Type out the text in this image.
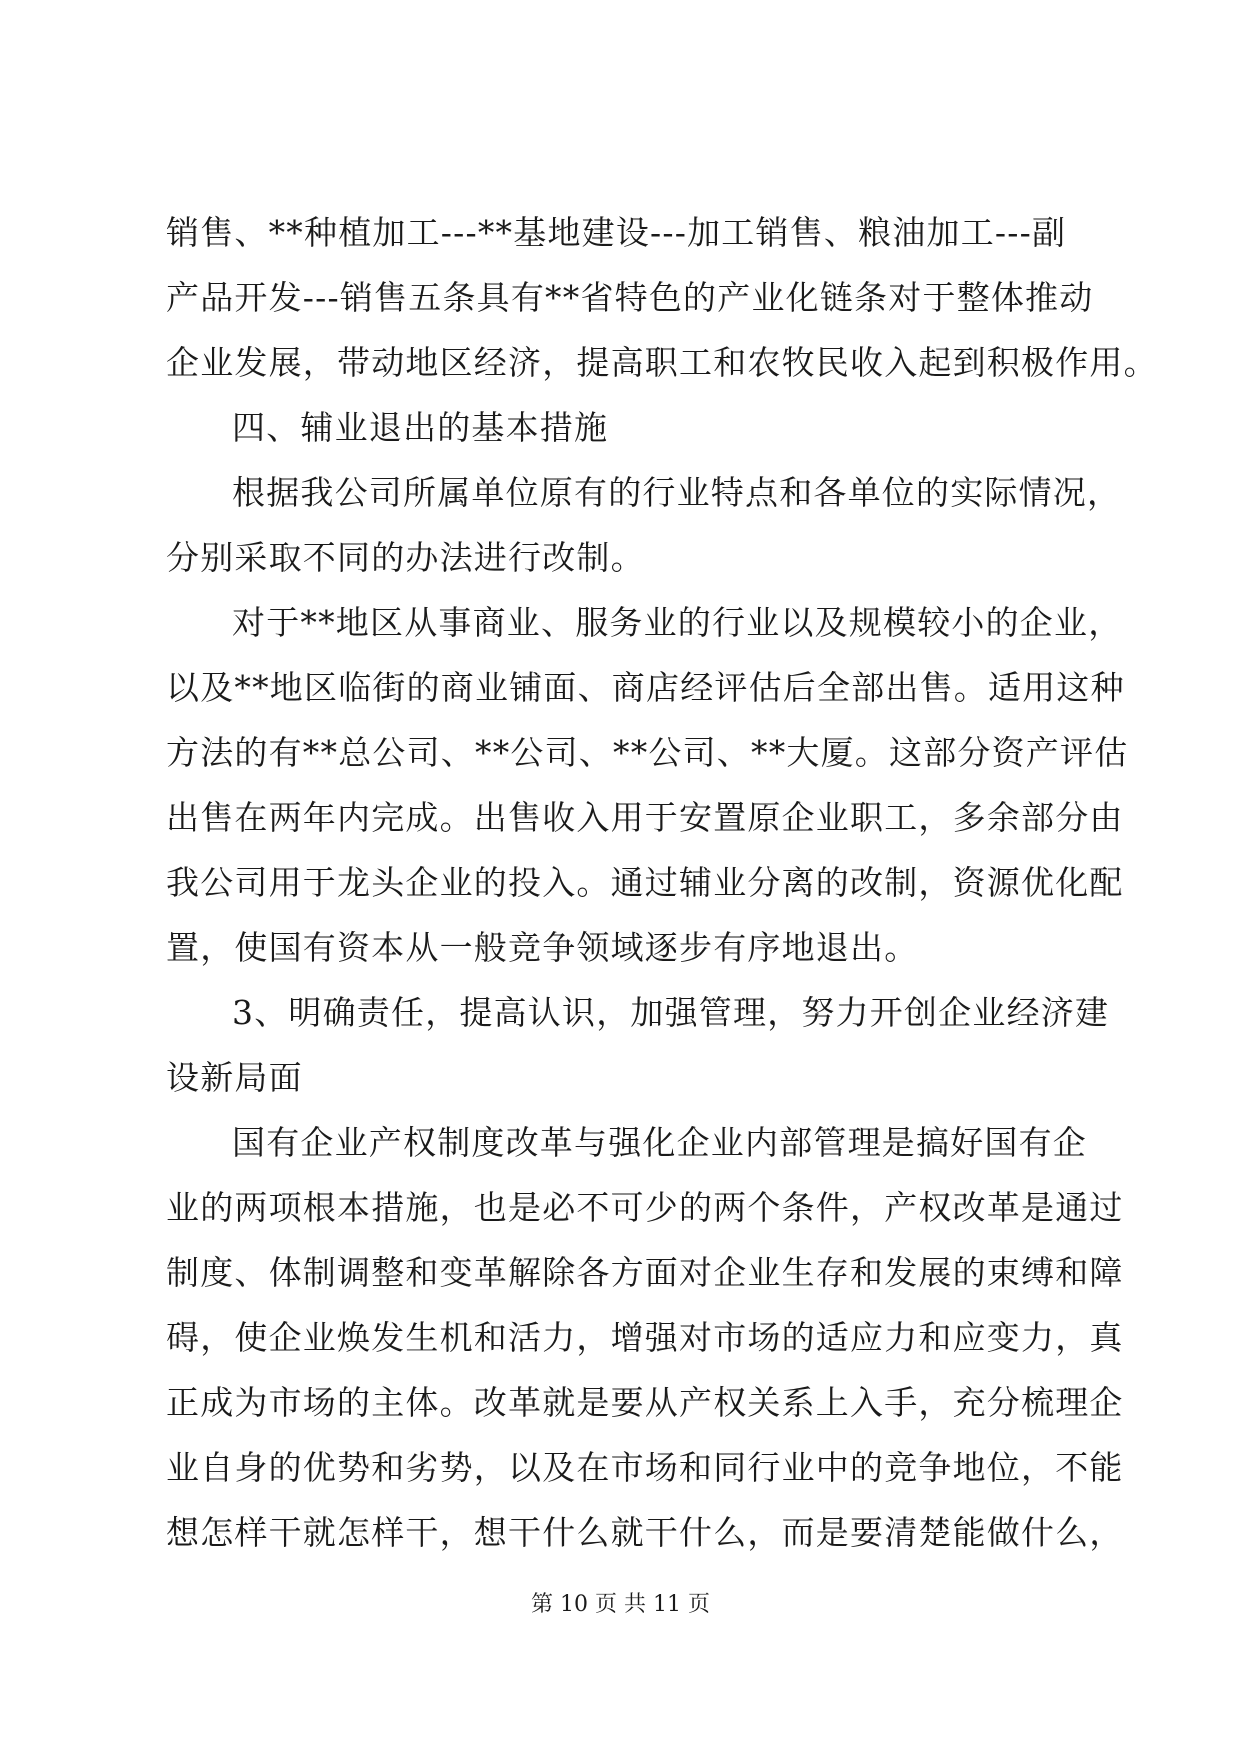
销售、**种植加工---**基地建设---加工销售、粮油加工---副
产品开发---销售五条具有**省特色的产业化链条对于整体推动
企业发展，带动地区经济，提高职工和农牧民收入起到积极作用。
四、辅业退出的基本措施
根据我公司所属单位原有的行业特点和各单位的实际情况，
分别采取不同的办法进行改制。
对于**地区从事商业、服务业的行业以及规模较小的企业，
以及**地区临街的商业铺面、商店经评估后全部出售。适用这种
方法的有**总公司、**公司、**公司、**大厦。这部分资产评估
出售在两年内完成。出售收入用于安置原企业职工，多余部分由
我公司用于龙头企业的投入。通过辅业分离的改制，资源优化配
置，使国有资本从一般竞争领域逐步有序地退出。
3、明确责任，提高认识，加强管理，努力开创企业经济建
设新局面
国有企业产权制度改革与强化企业内部管理是搞好国有企
业的两项根本措施，也是必不可少的两个条件，产权改革是通过
制度、体制调整和变革解除各方面对企业生存和发展的束缚和障
碍，使企业焕发生机和活力，增强对市场的适应力和应变力，真
正成为市场的主体。改革就是要从产权关系上入手，充分梳理企
业自身的优势和劣势，以及在市场和同行业中的竞争地位，不能
想怎样干就怎样干，想干什么就干什么，而是要清楚能做什么，
第 10 页 共 11 页
